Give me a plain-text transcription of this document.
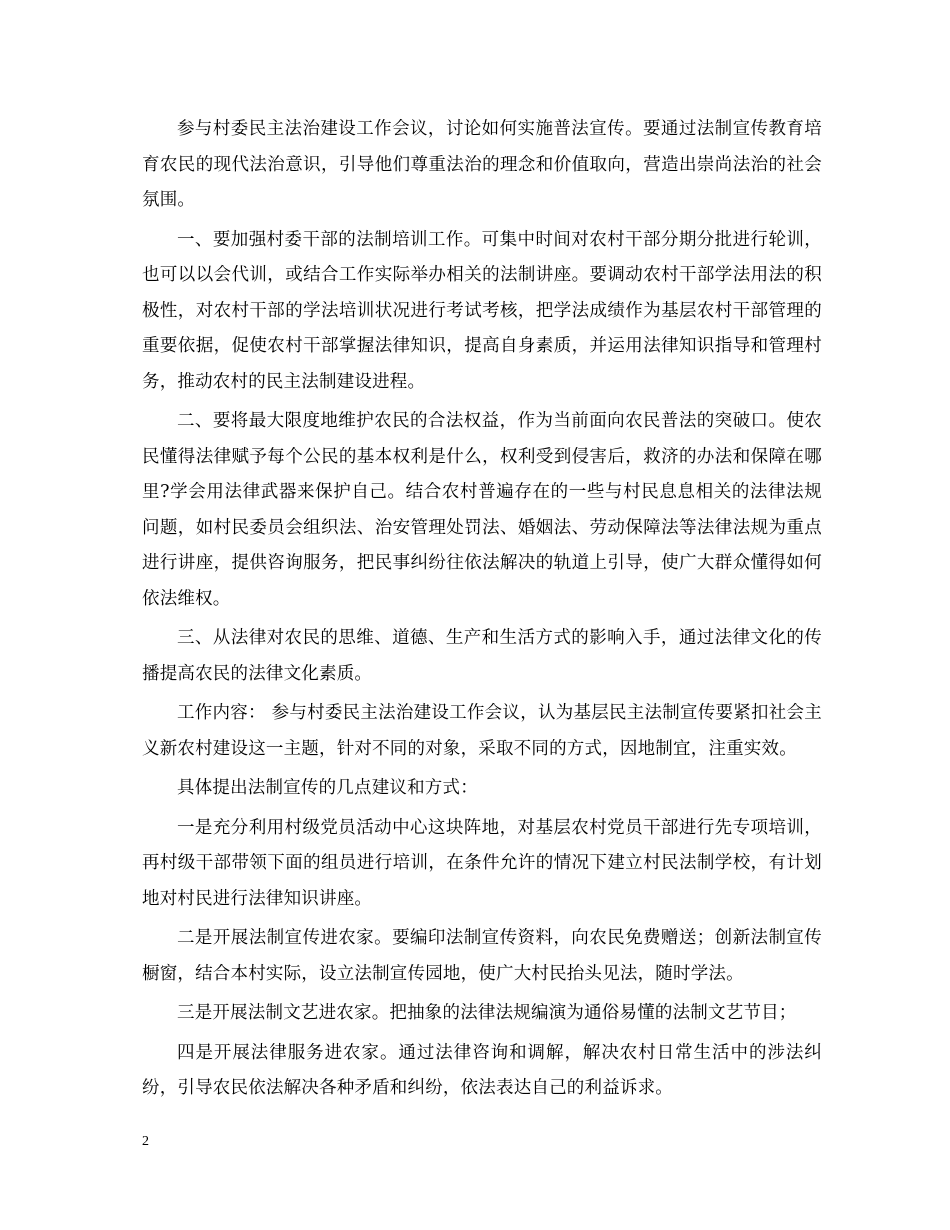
参与村委民主法治建设工作会议，讨论如何实施普法宣传。要通过法制宣传教育培育农民的现代法治意识，引导他们尊重法治的理念和价值取向，营造出崇尚法治的社会氛围。

一、要加强村委干部的法制培训工作。可集中时间对农村干部分期分批进行轮训，也可以以会代训，或结合工作实际举办相关的法制讲座。要调动农村干部学法用法的积极性，对农村干部的学法培训状况进行考试考核，把学法成绩作为基层农村干部管理的重要依据，促使农村干部掌握法律知识，提高自身素质，并运用法律知识指导和管理村务，推动农村的民主法制建设进程。

二、要将最大限度地维护农民的合法权益，作为当前面向农民普法的突破口。使农民懂得法律赋予每个公民的基本权利是什么，权利受到侵害后，救济的办法和保障在哪里?学会用法律武器来保护自己。结合农村普遍存在的一些与村民息息相关的法律法规问题，如村民委员会组织法、治安管理处罚法、婚姻法、劳动保障法等法律法规为重点进行讲座，提供咨询服务，把民事纠纷往依法解决的轨道上引导，使广大群众懂得如何依法维权。

三、从法律对农民的思维、道德、生产和生活方式的影响入手，通过法律文化的传播提高农民的法律文化素质。

工作内容： 参与村委民主法治建设工作会议，认为基层民主法制宣传要紧扣社会主义新农村建设这一主题，针对不同的对象，采取不同的方式，因地制宜，注重实效。

具体提出法制宣传的几点建议和方式：

一是充分利用村级党员活动中心这块阵地，对基层农村党员干部进行先专项培训，再村级干部带领下面的组员进行培训，在条件允许的情况下建立村民法制学校，有计划地对村民进行法律知识讲座。

二是开展法制宣传进农家。要编印法制宣传资料，向农民免费赠送；创新法制宣传橱窗，结合本村实际，设立法制宣传园地，使广大村民抬头见法，随时学法。

三是开展法制文艺进农家。把抽象的法律法规编演为通俗易懂的法制文艺节目；

四是开展法律服务进农家。通过法律咨询和调解，解决农村日常生活中的涉法纠纷，引导农民依法解决各种矛盾和纠纷，依法表达自己的利益诉求。

2
